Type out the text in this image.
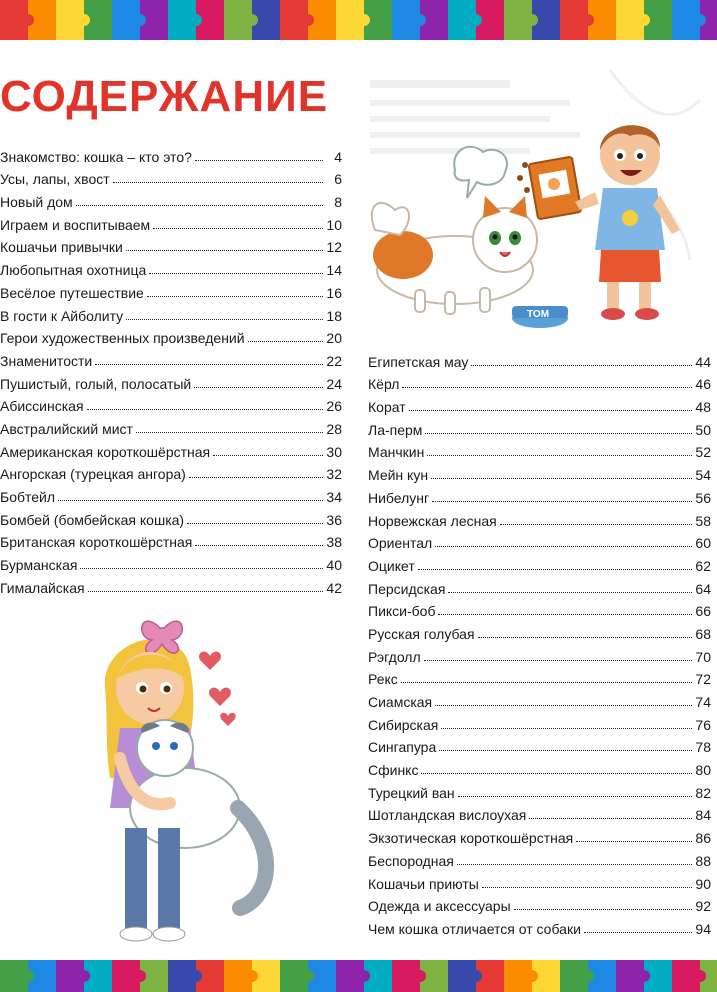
СОДЕРЖАНИЕ
Знакомство: кошка – кто это?	4
Усы, лапы, хвост	6
Новый дом	8
Играем и воспитываем	10
Кошачьи привычки	12
Любопытная охотница	14
Весёлое путешествие	16
В гости к Айболиту	18
Герои художественных произведений	20
Знаменитости	22
Пушистый, голый, полосатый	24
Абиссинская	26
Австралийский мист	28
Американская короткошёрстная	30
Ангорская (турецкая ангора)	32
Бобтейл	34
Бомбей (бомбейская кошка)	36
Британская короткошёрстная	38
Бурманская	40
Гималайская	42
Египетская мау	44
Кёрл	46
Корат	48
Ла-перм	50
Манчкин	52
Мейн кун	54
Нибелунг	56
Норвежская лесная	58
Ориентал	60
Оцикет	62
Персидская	64
Пикси-боб	66
Русская голубая	68
Рэгдолл	70
Рекс	72
Сиамская	74
Сибирская	76
Сингапура	78
Сфинкс	80
Турецкий ван	82
Шотландская вислоухая	84
Экзотическая короткошёрстная	86
Беспородная	88
Кошачьи приюты	90
Одежда и аксессуары	92
Чем кошка отличается от собаки	94
TOM
